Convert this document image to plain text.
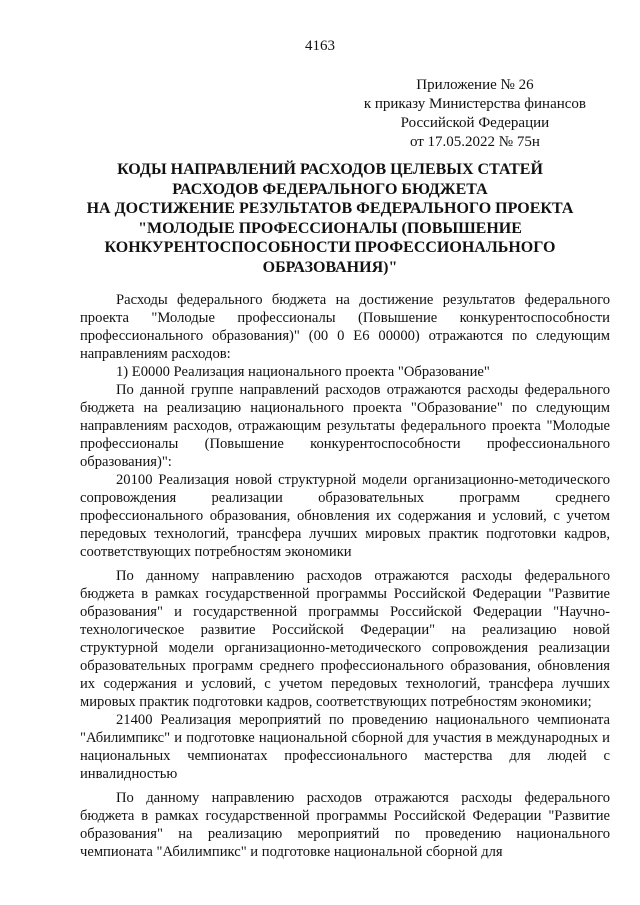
4163
Приложение № 26
к приказу Министерства финансов
Российской Федерации
от 17.05.2022 № 75н
КОДЫ НАПРАВЛЕНИЙ РАСХОДОВ ЦЕЛЕВЫХ СТАТЕЙ
РАСХОДОВ ФЕДЕРАЛЬНОГО БЮДЖЕТА
НА ДОСТИЖЕНИЕ РЕЗУЛЬТАТОВ ФЕДЕРАЛЬНОГО ПРОЕКТА
"МОЛОДЫЕ ПРОФЕССИОНАЛЫ (ПОВЫШЕНИЕ
КОНКУРЕНТОСПОСОБНОСТИ ПРОФЕССИОНАЛЬНОГО
ОБРАЗОВАНИЯ)"

Расходы федерального бюджета на достижение результатов федерального проекта "Молодые профессионалы (Повышение конкурентоспособности профессионального образования)" (00 0 Е6 00000) отражаются по следующим направлениям расходов:

1) Е0000 Реализация национального проекта "Образование"

По данной группе направлений расходов отражаются расходы федерального бюджета на реализацию национального проекта "Образование" по следующим направлениям расходов, отражающим результаты федерального проекта "Молодые профессионалы (Повышение конкурентоспособности профессионального образования)":

20100 Реализация новой структурной модели организационно-методического сопровождения реализации образовательных программ среднего профессионального образования, обновления их содержания и условий, с учетом передовых технологий, трансфера лучших мировых практик подготовки кадров, соответствующих потребностям экономики

По данному направлению расходов отражаются расходы федерального бюджета в рамках государственной программы Российской Федерации "Развитие образования" и государственной программы Российской Федерации "Научно-технологическое развитие Российской Федерации" на реализацию новой структурной модели организационно-методического сопровождения реализации образовательных программ среднего профессионального образования, обновления их содержания и условий, с учетом передовых технологий, трансфера лучших мировых практик подготовки кадров, соответствующих потребностям экономики;

21400 Реализация мероприятий по проведению национального чемпионата "Абилимпикс" и подготовке национальной сборной для участия в международных и национальных чемпионатах профессионального мастерства для людей с инвалидностью

По данному направлению расходов отражаются расходы федерального бюджета в рамках государственной программы Российской Федерации "Развитие образования" на реализацию мероприятий по проведению национального чемпионата "Абилимпикс" и подготовке национальной сборной для
